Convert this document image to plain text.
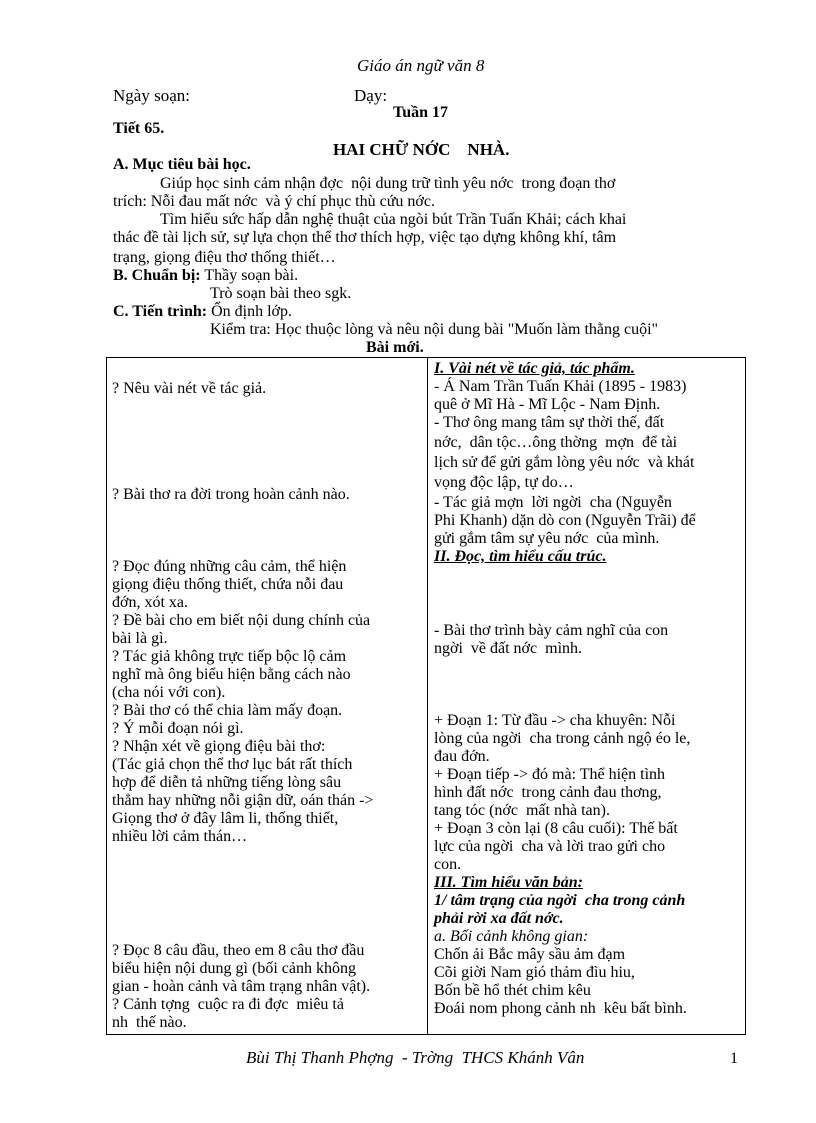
Giáo án ngữ văn 8
Ngày soạn:	Dạy:
Tuần 17
Tiết 65.
HAI CHỮ NỚC    NHÀ.
A. Mục tiêu bài học.
Giúp học sinh cảm nhận đợc  nội dung trữ tình yêu nớc  trong đoạn thơ
trích: Nỗi đau mất nớc  và ý chí phục thù cứu nớc.
Tìm hiểu sức hấp dẫn nghệ thuật của ngòi bút Trần Tuấn Khải; cách khai
thác đề tài lịch sử, sự lựa chọn thể thơ thích hợp, việc tạo dựng không khí, tâm
trạng, giọng điệu thơ thống thiết…
B. Chuẩn bị: Thầy soạn bài.
Trò soạn bài theo sgk.
C. Tiến trình: Ổn định lớp.
Kiểm tra: Học thuộc lòng và nêu nội dung bài "Muốn làm thằng cuội"
Bài mới.
? Nêu vài nét về tác giả.
? Bài thơ ra đời trong hoàn cảnh nào.
? Đọc đúng những câu cảm, thể hiện
giọng điệu thống thiết, chứa nỗi đau
đớn, xót xa.
? Đề bài cho em biết nội dung chính của
bài là gì.
? Tác giả không trực tiếp bộc lộ cảm
nghĩ mà ông biểu hiện bằng cách nào
(cha nói với con).
? Bài thơ có thể chia làm mấy đoạn.
? Ý mỗi đoạn nói gì.
? Nhận xét về giọng điệu bài thơ:
(Tác giả chọn thể thơ lục bát rất thích
hợp để diễn tả những tiếng lòng sâu
thẳm hay những nỗi giận dữ, oán thán ->
Giọng thơ ở đây lâm li, thống thiết,
nhiều lời cảm thán…
? Đọc 8 câu đầu, theo em 8 câu thơ đầu
biểu hiện nội dung gì (bối cảnh không
gian - hoàn cảnh và tâm trạng nhân vật).
? Cảnh tợng  cuộc ra đi đợc  miêu tả
nh  thế nào.
I. Vài nét về tác giả, tác phẩm.
- Á Nam Trần Tuấn Khải (1895 - 1983)
quê ở Mĩ Hà - Mĩ Lộc - Nam Định.
- Thơ ông mang tâm sự thời thế, đất
nớc,  dân tộc…ông thờng  mợn  để tài
lịch sử để gửi gắm lòng yêu nớc  và khát
vọng độc lập, tự do…
- Tác giả mợn  lời ngời  cha (Nguyễn
Phi Khanh) dặn dò con (Nguyễn Trãi) để
gửi gắm tâm sự yêu nớc  của mình.
II. Đọc, tìm hiểu cấu trúc.
- Bài thơ trình bày cảm nghĩ của con
ngời  về đất nớc  mình.
+ Đoạn 1: Từ đầu -> cha khuyên: Nỗi
lòng của ngời  cha trong cảnh ngộ éo le,
đau đớn.
+ Đoạn tiếp -> đó mà: Thể hiện tình
hình đất nớc  trong cảnh đau thơng,
tang tóc (nớc  mất nhà tan).
+ Đoạn 3 còn lại (8 câu cuối): Thế bất
lực của ngời  cha và lời trao gửi cho
con.
III. Tìm hiểu văn bản:
1/ tâm trạng của ngời  cha trong cảnh
phải rời xa đất nớc.
a. Bối cảnh không gian:
Chốn ải Bắc mây sầu ảm đạm
Cõi giời Nam gió thảm đìu hiu,
Bốn bề hổ thét chim kêu
Đoái nom phong cảnh nh  kêu bất bình.
Bùi Thị Thanh Phợng  - Trờng  THCS Khánh Vân	1
